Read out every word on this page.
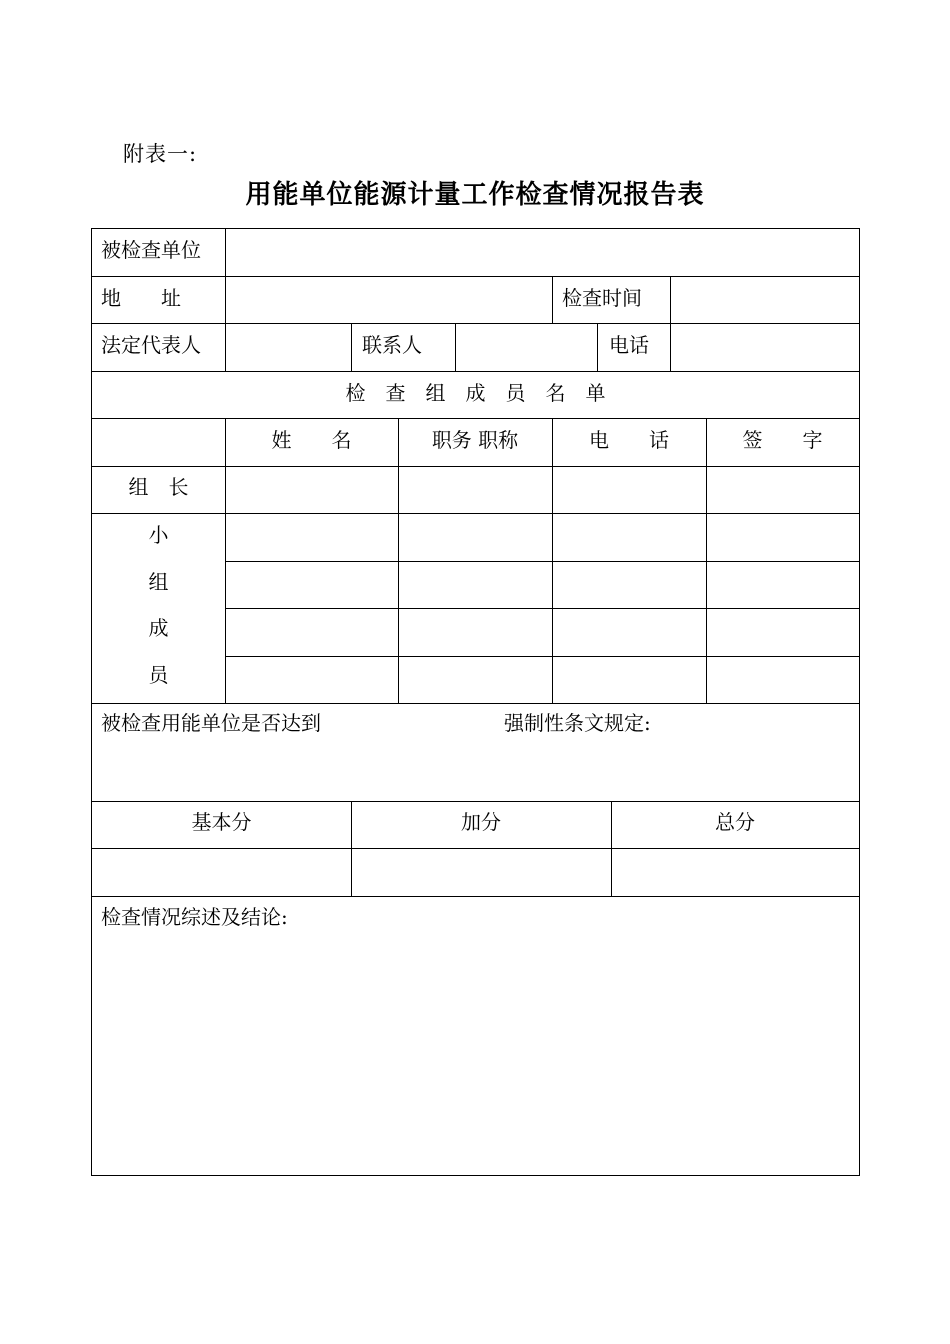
附表一:
用能单位能源计量工作检查情况报告表
被检查单位
地　　址	检查时间
法定代表人	联系人	电话
检　查　组　成　员　名　单
姓　　名	职务 职称	电　　话	签　　字
组　长
小
组
成
员
被检查用能单位是否达到	强制性条文规定:
基本分	加分	总分
检查情况综述及结论:
